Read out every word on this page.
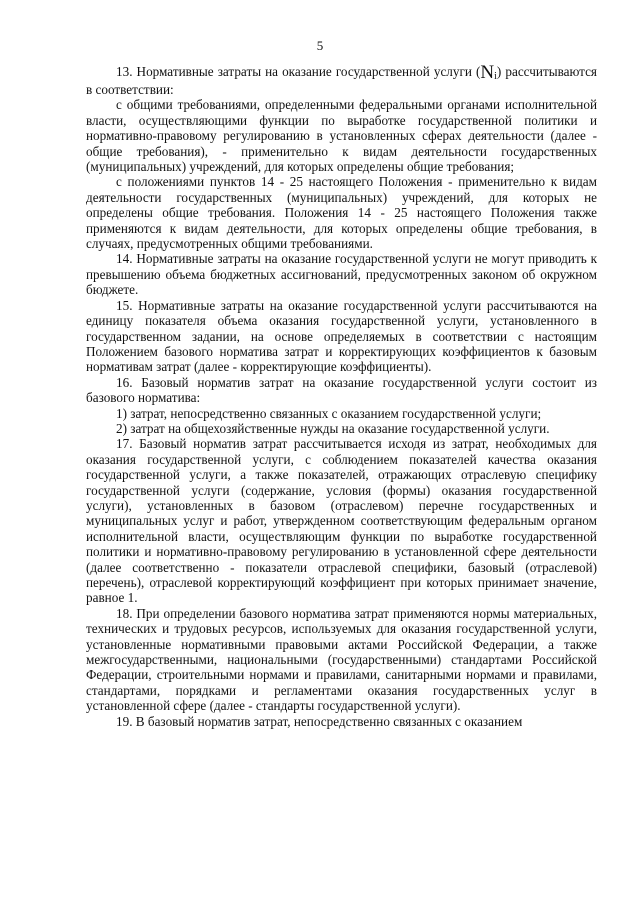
5

13. Нормативные затраты на оказание государственной услуги $(N_i)$ рассчитываются в соответствии:

с общими требованиями, определенными федеральными органами исполнительной власти, осуществляющими функции по выработке государственной политики и нормативно-правовому регулированию в установленных сферах деятельности (далее - общие требования), - применительно к видам деятельности государственных (муниципальных) учреждений, для которых определены общие требования;

с положениями пунктов 14 - 25 настоящего Положения - применительно к видам деятельности государственных (муниципальных) учреждений, для которых не определены общие требования. Положения 14 - 25 настоящего Положения также применяются к видам деятельности, для которых определены общие требования, в случаях, предусмотренных общими требованиями.

14. Нормативные затраты на оказание государственной услуги не могут приводить к превышению объема бюджетных ассигнований, предусмотренных законом об окружном бюджете.

15. Нормативные затраты на оказание государственной услуги рассчитываются на единицу показателя объема оказания государственной услуги, установленного в государственном задании, на основе определяемых в соответствии с настоящим Положением базового норматива затрат и корректирующих коэффициентов к базовым нормативам затрат (далее - корректирующие коэффициенты).

16. Базовый норматив затрат на оказание государственной услуги состоит из базового норматива:

1) затрат, непосредственно связанных с оказанием государственной услуги;

2) затрат на общехозяйственные нужды на оказание государственной услуги.

17. Базовый норматив затрат рассчитывается исходя из затрат, необходимых для оказания государственной услуги, с соблюдением показателей качества оказания государственной услуги, а также показателей, отражающих отраслевую специфику государственной услуги (содержание, условия (формы) оказания государственной услуги), установленных в базовом (отраслевом) перечне государственных и муниципальных услуг и работ, утвержденном соответствующим федеральным органом исполнительной власти, осуществляющим функции по выработке государственной политики и нормативно-правовому регулированию в установленной сфере деятельности (далее соответственно - показатели отраслевой специфики, базовый (отраслевой) перечень), отраслевой корректирующий коэффициент при которых принимает значение, равное 1.

18. При определении базового норматива затрат применяются нормы материальных, технических и трудовых ресурсов, используемых для оказания государственной услуги, установленные нормативными правовыми актами Российской Федерации, а также межгосударственными, национальными (государственными) стандартами Российской Федерации, строительными нормами и правилами, санитарными нормами и правилами, стандартами, порядками и регламентами оказания государственных услуг в установленной сфере (далее - стандарты государственной услуги).

19. В базовый норматив затрат, непосредственно связанных с оказанием
